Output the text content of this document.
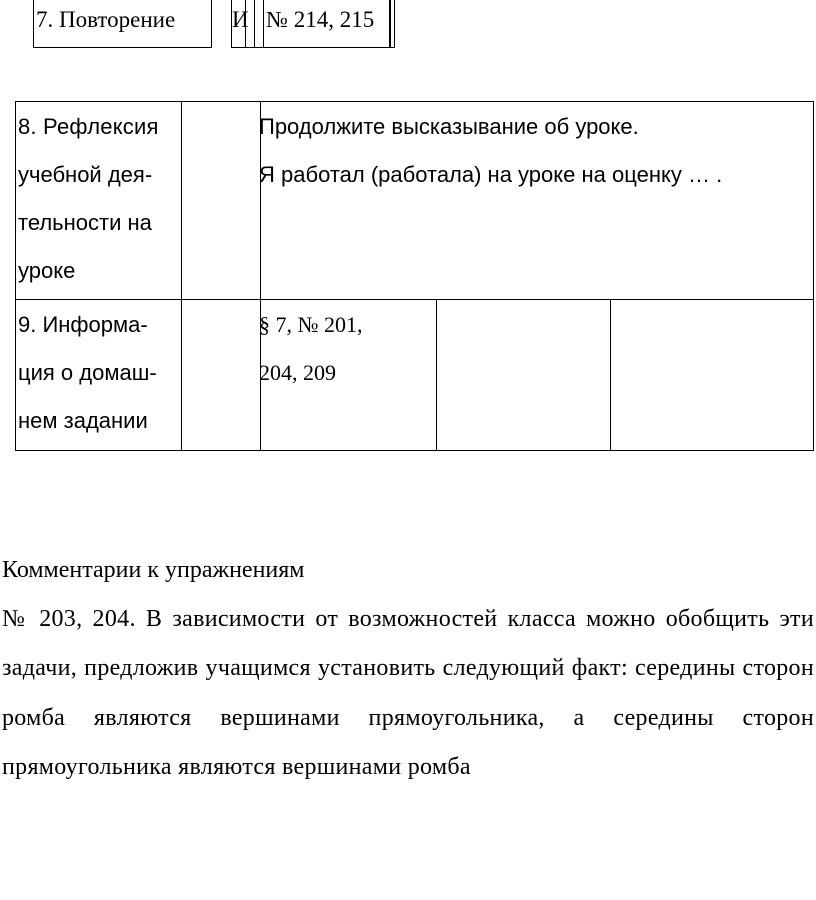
7. Повторение	И № 214, 215
8. Рефлексия
учебной дея-
тельности на
уроке
Продолжите высказывание об уроке.
Я работал (работала) на уроке на оценку … .
9. Информа-
ция о домаш-
нем задании
§ 7, № 201,
204, 209
Комментарии к упражнениям
№ 203, 204. В зависимости от возможностей класса можно обобщить эти задачи, предложив учащимся установить следующий факт: середины сторон ромба являются вершинами прямоугольника, а середины сторон прямоугольника являются вершинами ромба
